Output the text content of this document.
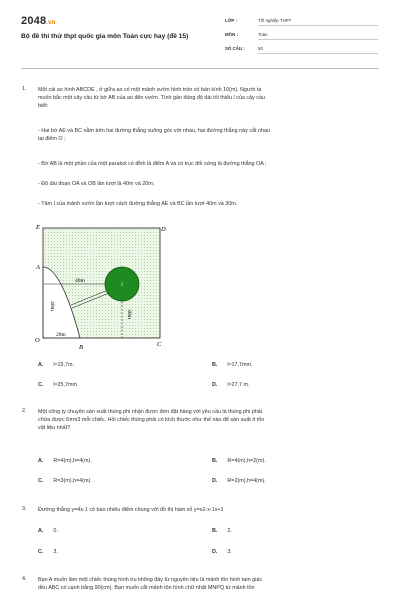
2048.vn
Bộ đề thi thử thpt quốc gia môn Toán cực hay (đề 15)
LỚP :	Tốt nghiệp THPT
MÔN :	Toán
SỐ CÂU :	50
1. Một cái ao hình ABCDE , ở giữa ao có một mảnh vườn hình tròn có bán kính 10(m). Người ta
muốn bắc một cây cầu từ bờ AB của ao đến vườn. Tính gần đúng độ dài tối thiểu l của cây cầu
biết:
- Hai bờ AE và BC nằm trên hai đường thẳng vuông góc với nhau, hai đường thẳng này cắt nhau
tại điểm O ;
- Bờ AB là một phần của một parabol có đỉnh là điểm A và có trục đối xứng là đường thẳng OA ;
- Độ dài đoạn OA và OB lần lượt là 40m và 20m;
- Tâm I của mảnh vườn lần lượt cách đường thẳng AE và BC lần lượt 40m và 30m.
I
E	D
A
O
B	C
40m
40m
30m
20m
A. l≈15,7m.	B. l≈17,7mm.
C. l≈25,7mm.	D. l≈27,7 m.
2. Một công ty chuyên sản xuất thùng phi nhận được đơn đặt hàng với yêu cầu là thùng phi phải
chứa được 6πm3 mỗi chiếc. Hỏi chiếc thùng phải có kích thước như thế nào để sản suất ít tốn
vật liệu nhất?
A. R=4(m),h=4(m).	B. R=4(m),h=2(m).
C. R=3(m),h=4(m).	D. R=2(m),h=4(m).
3. Đường thẳng y=4x-1 có bao nhiêu điểm chung với đồ thị hàm số y=x2-x-1x+1
A. 0.	B. 2.
C. 3.	D. 3.
4. Bạn A muốn làm một chiếc thùng hình trụ không đáy từ nguyên liệu là mảnh tôn hình tam giác
đều ABC có cạnh bằng 90(cm). Bạn muốn cắt mảnh tôn hình chữ nhật MNPQ từ mảnh tôn
